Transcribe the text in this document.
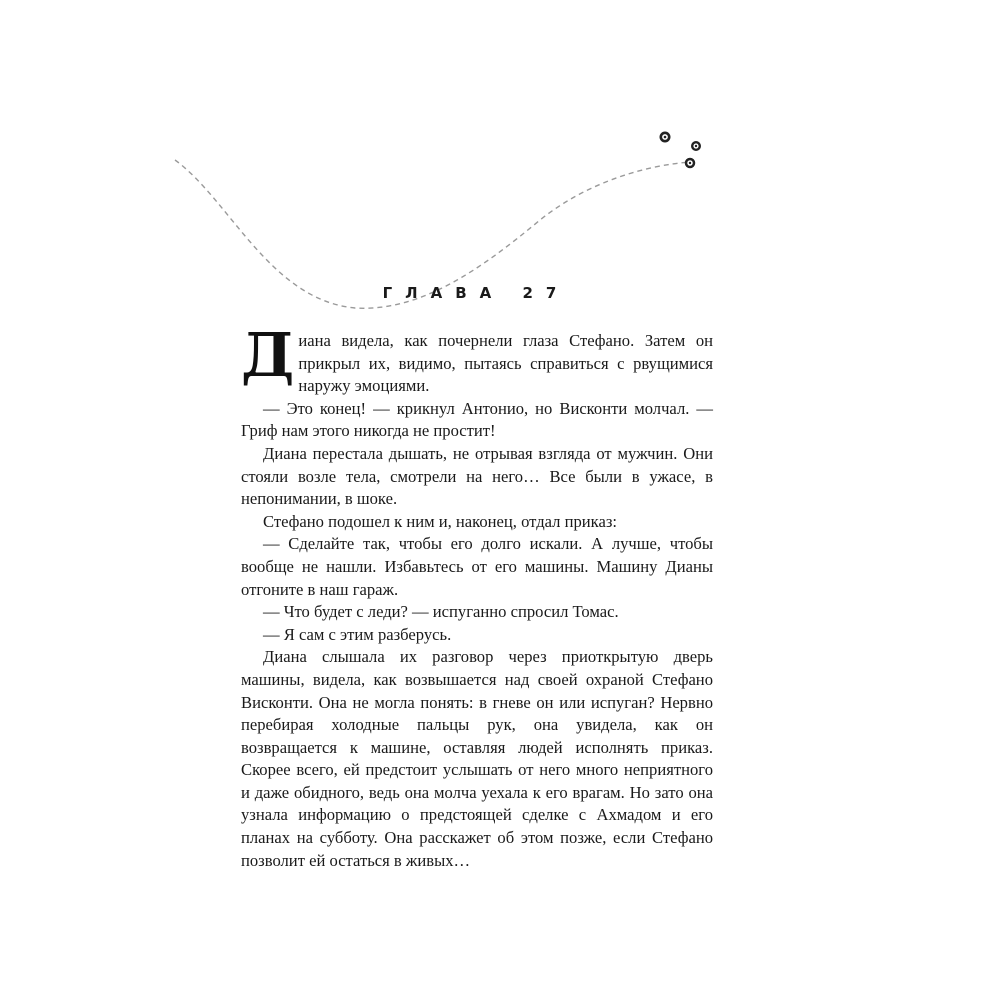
ГЛАВА 27

Диана видела, как почернели глаза Стефано. Затем он прикрыл их, видимо, пытаясь справиться с рвущимися наружу эмоциями.

— Это конец! — крикнул Антонио, но Висконти молчал. — Гриф нам этого никогда не простит!

Диана перестала дышать, не отрывая взгляда от мужчин. Они стояли возле тела, смотрели на него… Все были в ужасе, в непонимании, в шоке.

Стефано подошел к ним и, наконец, отдал приказ:

— Сделайте так, чтобы его долго искали. А лучше, чтобы вообще не нашли. Избавьтесь от его машины. Машину Дианы отгоните в наш гараж.

— Что будет с леди? — испуганно спросил Томас.

— Я сам с этим разберусь.

Диана слышала их разговор через приоткрытую дверь машины, видела, как возвышается над своей охраной Стефано Висконти. Она не могла понять: в гневе он или испуган? Нервно перебирая холодные пальцы рук, она увидела, как он возвращается к машине, оставляя людей исполнять приказ. Скорее всего, ей предстоит услышать от него много неприятного и даже обидного, ведь она молча уехала к его врагам. Но зато она узнала информацию о предстоящей сделке с Ахмадом и его планах на субботу. Она расскажет об этом позже, если Стефано позволит ей остаться в живых…
